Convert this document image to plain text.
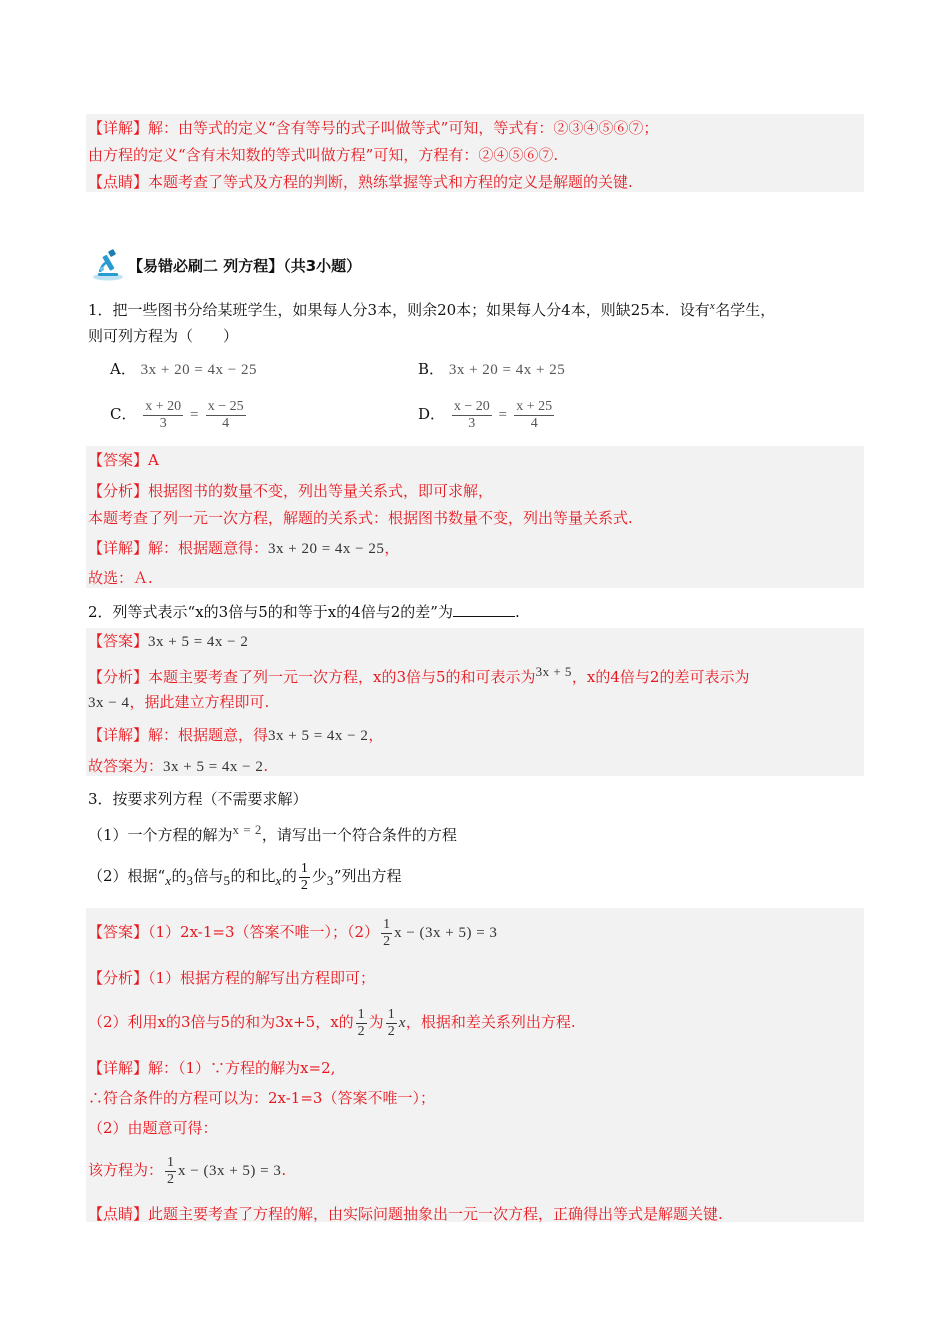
【详解】解：由等式的定义“含有等号的式子叫做等式”可知，等式有：②③④⑤⑥⑦；
由方程的定义“含有未知数的等式叫做方程”可知，方程有：②④⑤⑥⑦.
【点睛】本题考查了等式及方程的判断，熟练掌握等式和方程的定义是解题的关键.
【易错必刷二 列方程】（共3小题）
1．把一些图书分给某班学生，如果每人分3本，则余20本；如果每人分4本，则缺25本．设有$^x$名学生，
则可列方程为（　　）
A． 3x + 20 = 4x − 25	B． 3x + 20 = 4x + 25
C． $\frac{x + 20}{3} = \frac{x - 25}{4}$	D． $\frac{x - 20}{3} = \frac{x + 25}{4}$
【答案】A
【分析】根据图书的数量不变，列出等量关系式，即可求解，
本题考查了列一元一次方程，解题的关系式：根据图书数量不变，列出等量关系式.
【详解】解：根据题意得：3x + 20 = 4x − 25，
故选：Ａ.
2．列等式表示“x的3倍与5的和等于x的4倍与2的差”为	.
【答案】3x + 5 = 4x − 2
【分析】本题主要考查了列一元一次方程，x的3倍与5的和可表示为3x + 5，x的4倍与2的差可表示为
3x − 4，据此建立方程即可.
【详解】解：根据题意，得3x + 5 = 4x − 2，
故答案为：3x + 5 = 4x − 2.
3．按要求列方程（不需要求解）
（1）一个方程的解为x = 2，请写出一个符合条件的方程
（2）根据“x的3倍与5的和比x的 $\frac{1}{2}$ 少3”列出方程
【答案】（1）2x-1=3（答案不唯一）；$(2) \frac{1}{2}$ x − (3x + 5) = 3
【分析】（1）根据方程的解写出方程即可；
（2）利用x的3倍与5的和为3x+5，x的 $\frac{1}{2}$ 为 $\frac{1}{2}$ x，根据和差关系列出方程.
【详解】解：（1）∵方程的解为x=2,
∴符合条件的方程可以为：2x-1=3（答案不唯一）；
（2）由题意可得：
该方程为： $\frac{1}{2}$ x − (3x + 5) = 3.
【点睛】此题主要考查了方程的解，由实际问题抽象出一元一次方程，正确得出等式是解题关键.
